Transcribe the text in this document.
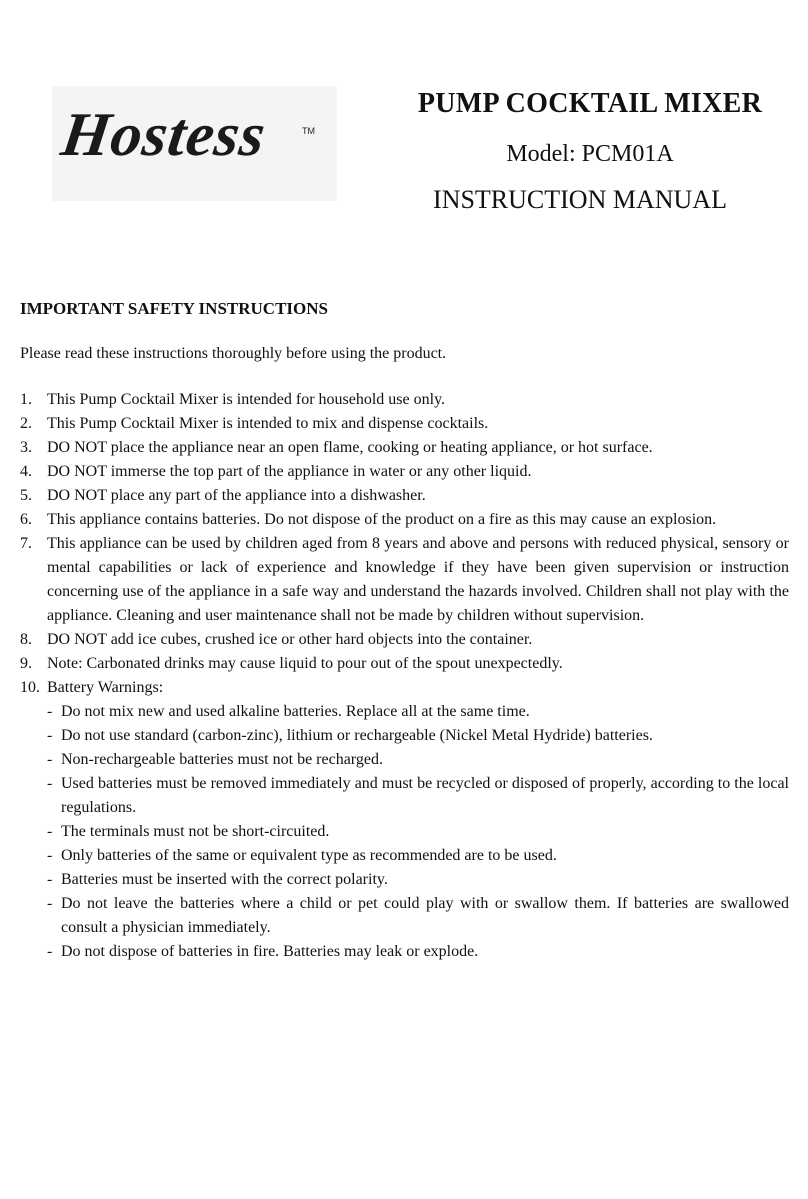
Hostess	TM
PUMP COCKTAIL MIXER
Model: PCM01A
INSTRUCTION MANUAL
IMPORTANT SAFETY INSTRUCTIONS
Please read these instructions thoroughly before using the product.
1. This Pump Cocktail Mixer is intended for household use only.
2. This Pump Cocktail Mixer is intended to mix and dispense cocktails.
3. DO NOT place the appliance near an open flame, cooking or heating appliance, or hot surface.
4. DO NOT immerse the top part of the appliance in water or any other liquid.
5. DO NOT place any part of the appliance into a dishwasher.
6. This appliance contains batteries. Do not dispose of the product on a fire as this may cause an explosion.
7. This appliance can be used by children aged from 8 years and above and persons with reduced physical, sensory or mental capabilities or lack of experience and knowledge if they have been given supervision or instruction concerning use of the appliance in a safe way and understand the hazards involved. Children shall not play with the appliance. Cleaning and user maintenance shall not be made by children without supervision.
8. DO NOT add ice cubes, crushed ice or other hard objects into the container.
9. Note: Carbonated drinks may cause liquid to pour out of the spout unexpectedly.
10. Battery Warnings:
- Do not mix new and used alkaline batteries. Replace all at the same time.
- Do not use standard (carbon-zinc), lithium or rechargeable (Nickel Metal Hydride) batteries.
- Non-rechargeable batteries must not be recharged.
- Used batteries must be removed immediately and must be recycled or disposed of properly, according to the local regulations.
- The terminals must not be short-circuited.
- Only batteries of the same or equivalent type as recommended are to be used.
- Batteries must be inserted with the correct polarity.
- Do not leave the batteries where a child or pet could play with or swallow them. If batteries are swallowed consult a physician immediately.
- Do not dispose of batteries in fire. Batteries may leak or explode.
